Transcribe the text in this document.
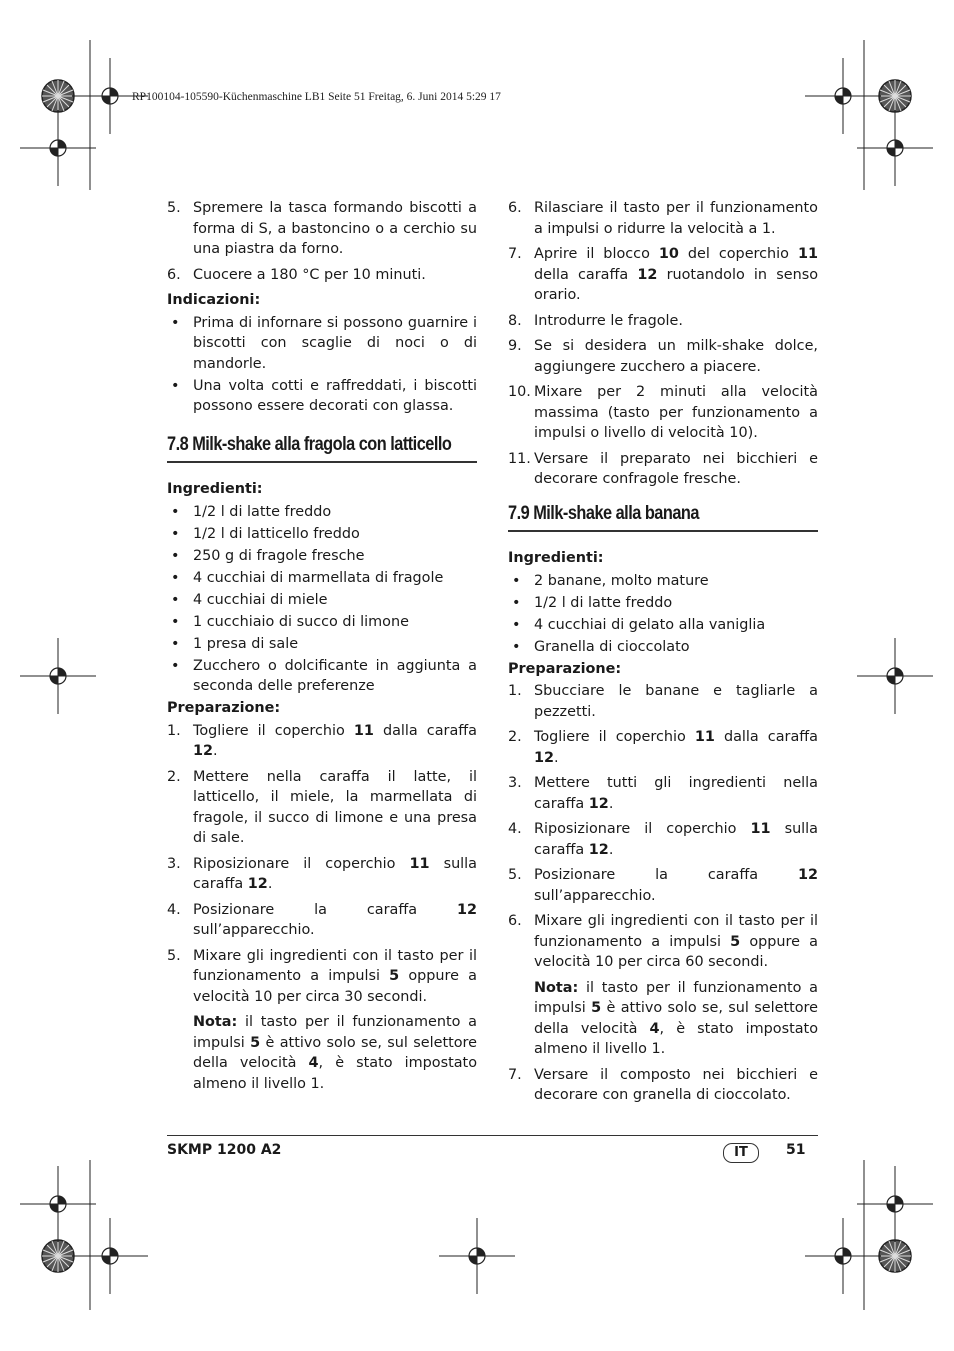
RP100104-105590-Küchenmaschine LB1 Seite 51 Freitag, 6. Juni 2014 5:29 17
5. Spremere la tasca formando biscotti a forma di S, a bastoncino o a cerchio su una piastra da forno.
6. Cuocere a 180 °C per 10 minuti.
Indicazioni:
• Prima di infornare si possono guarnire i biscotti con scaglie di noci o di mandorle.
• Una volta cotti e raffreddati, i biscotti possono essere decorati con glassa.
7.8 Milk-shake alla fragola con latticello
Ingredienti:
• 1/2 l di latte freddo
• 1/2 l di latticello freddo
• 250 g di fragole fresche
• 4 cucchiai di marmellata di fragole
• 4 cucchiai di miele
• 1 cucchiaio di succo di limone
• 1 presa di sale
• Zucchero o dolcificante in aggiunta a seconda delle preferenze
Preparazione:
1. Togliere il coperchio 11 dalla caraffa 12.
2. Mettere nella caraffa il latte, il latticello, il miele, la marmellata di fragole, il succo di limone e una presa di sale.
3. Riposizionare il coperchio 11 sulla caraffa 12.
4. Posizionare la caraffa 12 sull’apparecchio.
5. Mixare gli ingredienti con il tasto per il funzionamento a impulsi 5 oppure a velocità 10 per circa 30 secondi.
Nota: il tasto per il funzionamento a impulsi 5 è attivo solo se, sul selettore della velocità 4, è stato impostato almeno il livello 1.
6. Rilasciare il tasto per il funzionamento a impulsi o ridurre la velocità a 1.
7. Aprire il blocco 10 del coperchio 11 della caraffa 12 ruotandolo in senso orario.
8. Introdurre le fragole.
9. Se si desidera un milk-shake dolce, aggiungere zucchero a piacere.
10. Mixare per 2 minuti alla velocità massima (tasto per funzionamento a impulsi o livello di velocità 10).
11. Versare il preparato nei bicchieri e decorare confragole fresche.
7.9 Milk-shake alla banana
Ingredienti:
• 2 banane, molto mature
• 1/2 l di latte freddo
• 4 cucchiai di gelato alla vaniglia
• Granella di cioccolato
Preparazione:
1. Sbucciare le banane e tagliarle a pezzetti.
2. Togliere il coperchio 11 dalla caraffa 12.
3. Mettere tutti gli ingredienti nella caraffa 12.
4. Riposizionare il coperchio 11 sulla caraffa 12.
5. Posizionare la caraffa 12 sull’apparecchio.
6. Mixare gli ingredienti con il tasto per il funzionamento a impulsi 5 oppure a velocità 10 per circa 60 secondi.
Nota: il tasto per il funzionamento a impulsi 5 è attivo solo se, sul selettore della velocità 4, è stato impostato almeno il livello 1.
7. Versare il composto nei bicchieri e decorare con granella di cioccolato.
SKMP 1200 A2	IT	51
